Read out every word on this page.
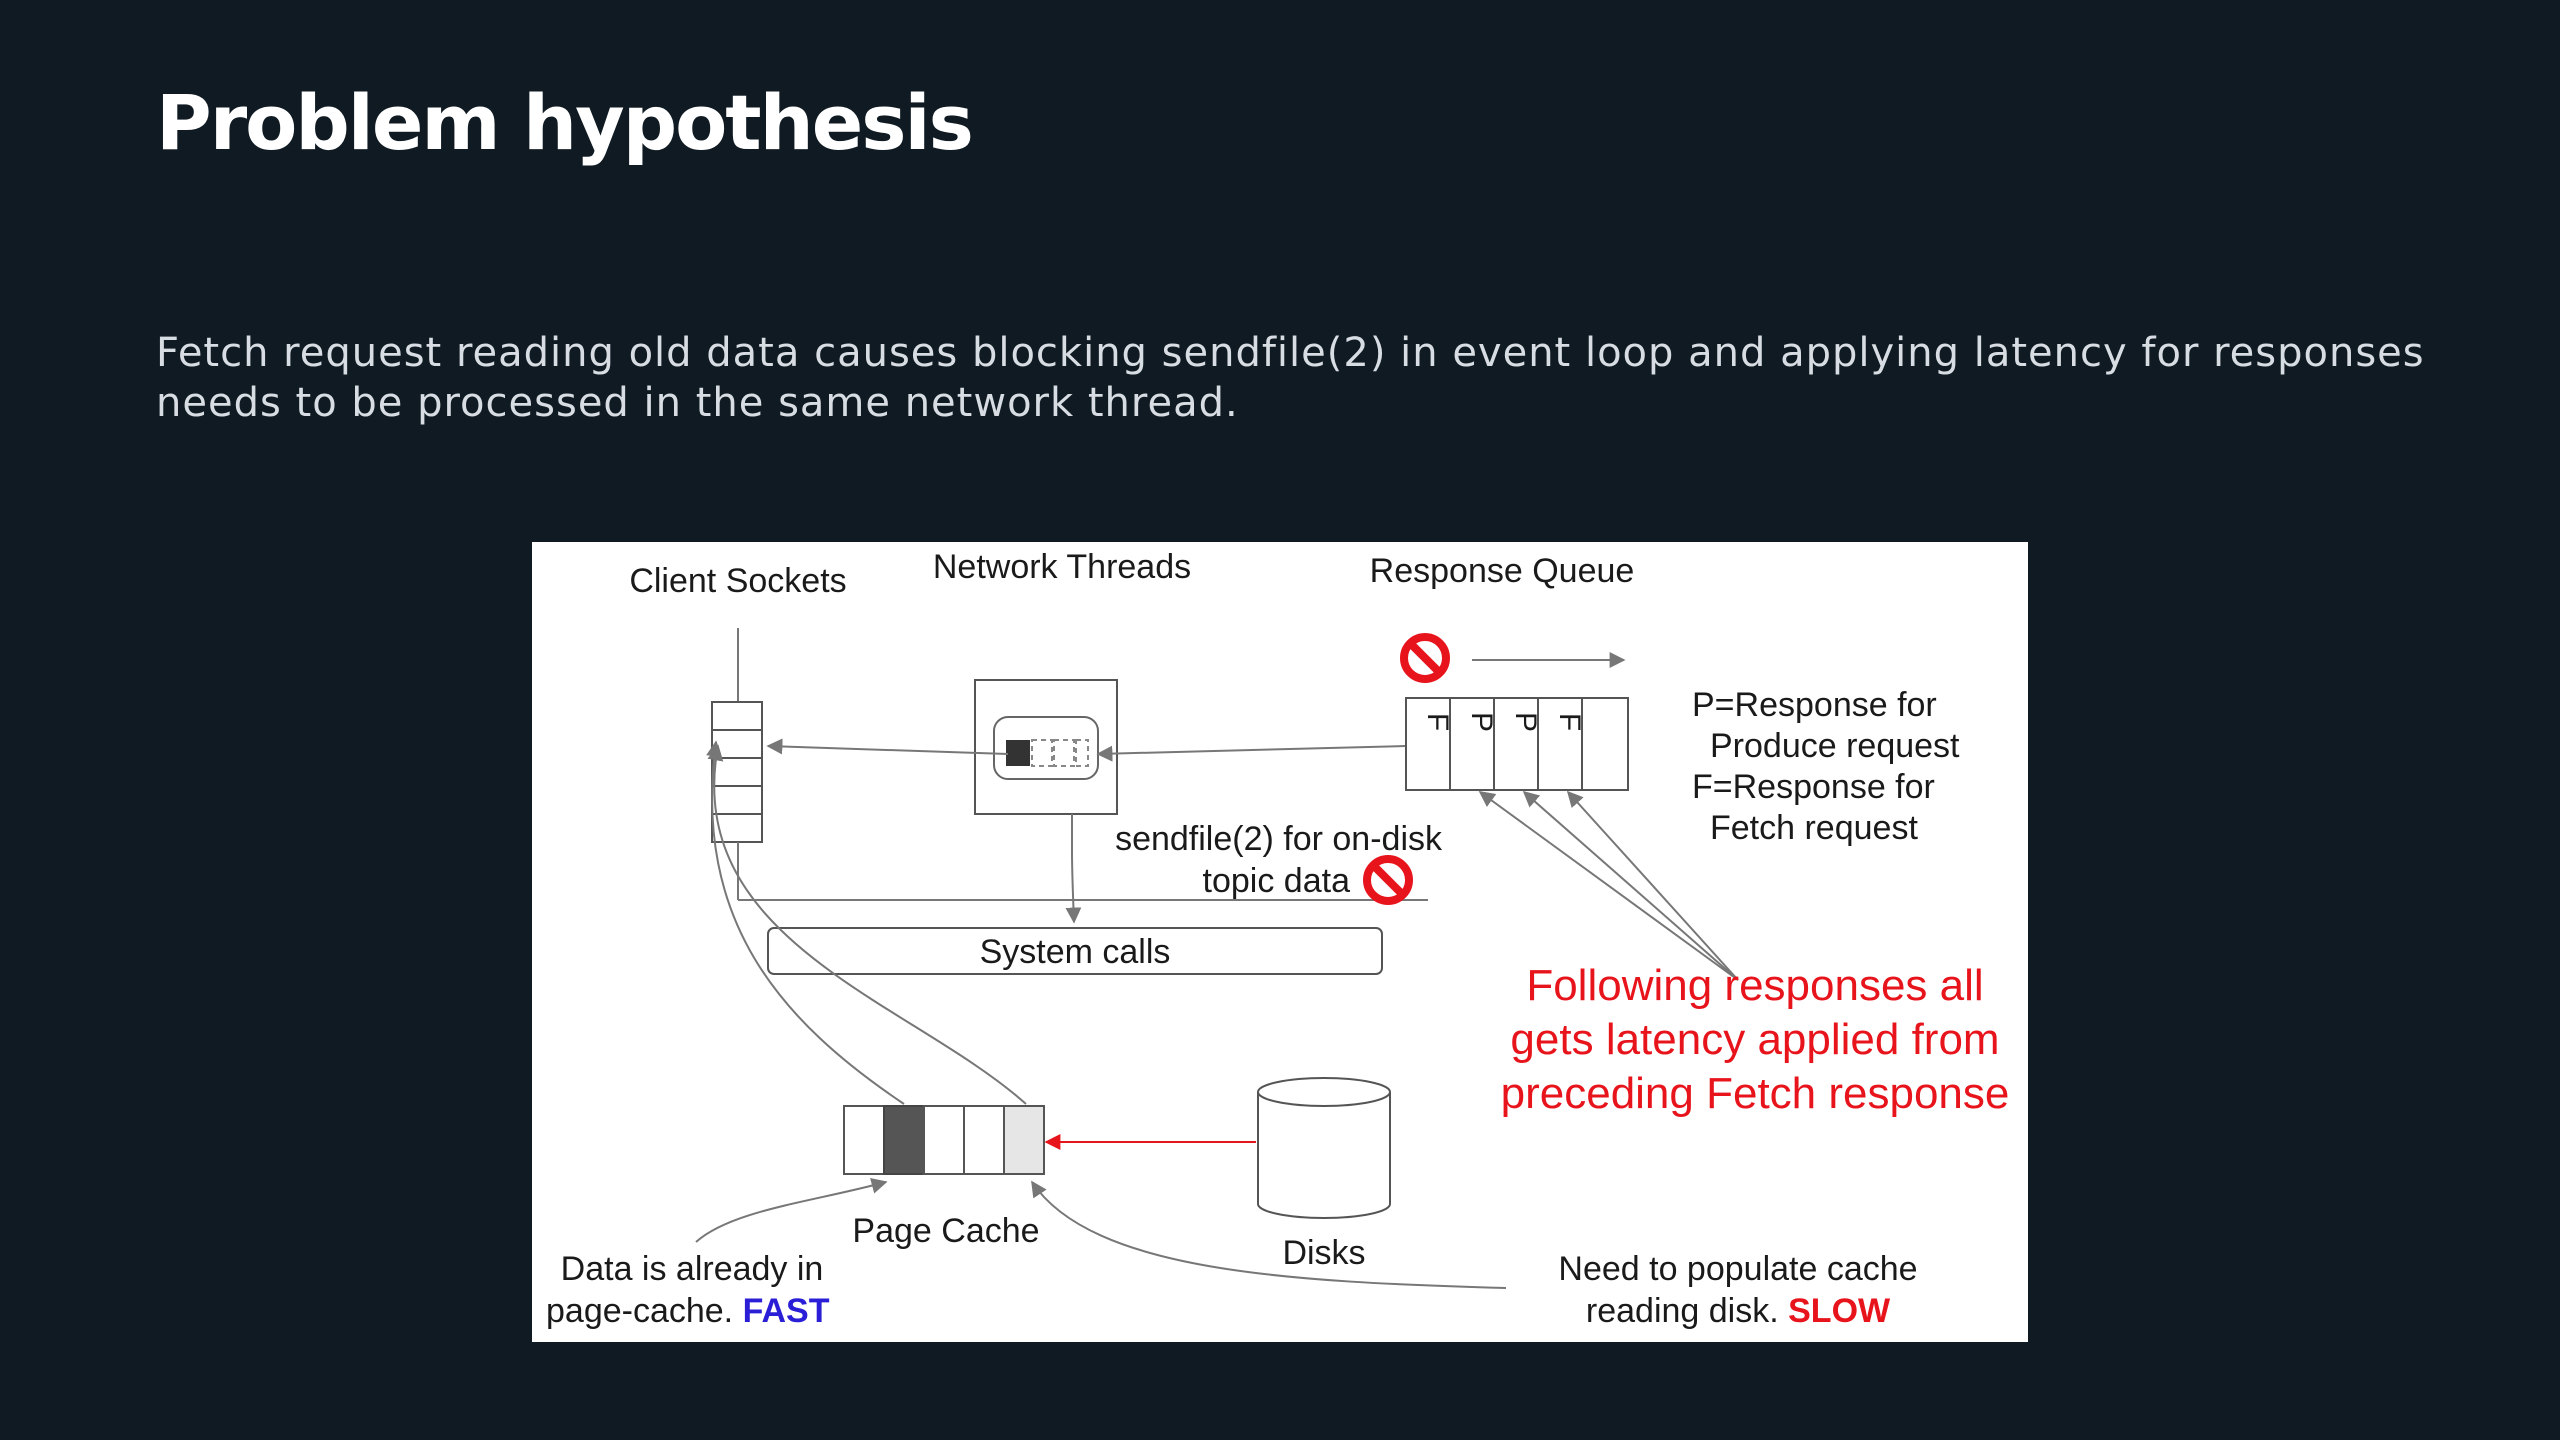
Problem hypothesis

Fetch request reading old data causes blocking sendfile(2) in event loop and applying latency for responses needs to be processed in the same network thread.

Client Sockets	Network Threads	Response Queue
F P P F	P=Response for
Produce request
F=Response for
Fetch request
sendfile(2) for on-disk
topic data
System calls
Following responses all
gets latency applied from
preceding Fetch response
Page Cache
Disks
Data is already in
page-cache. FAST
Need to populate cache
reading disk. SLOW
